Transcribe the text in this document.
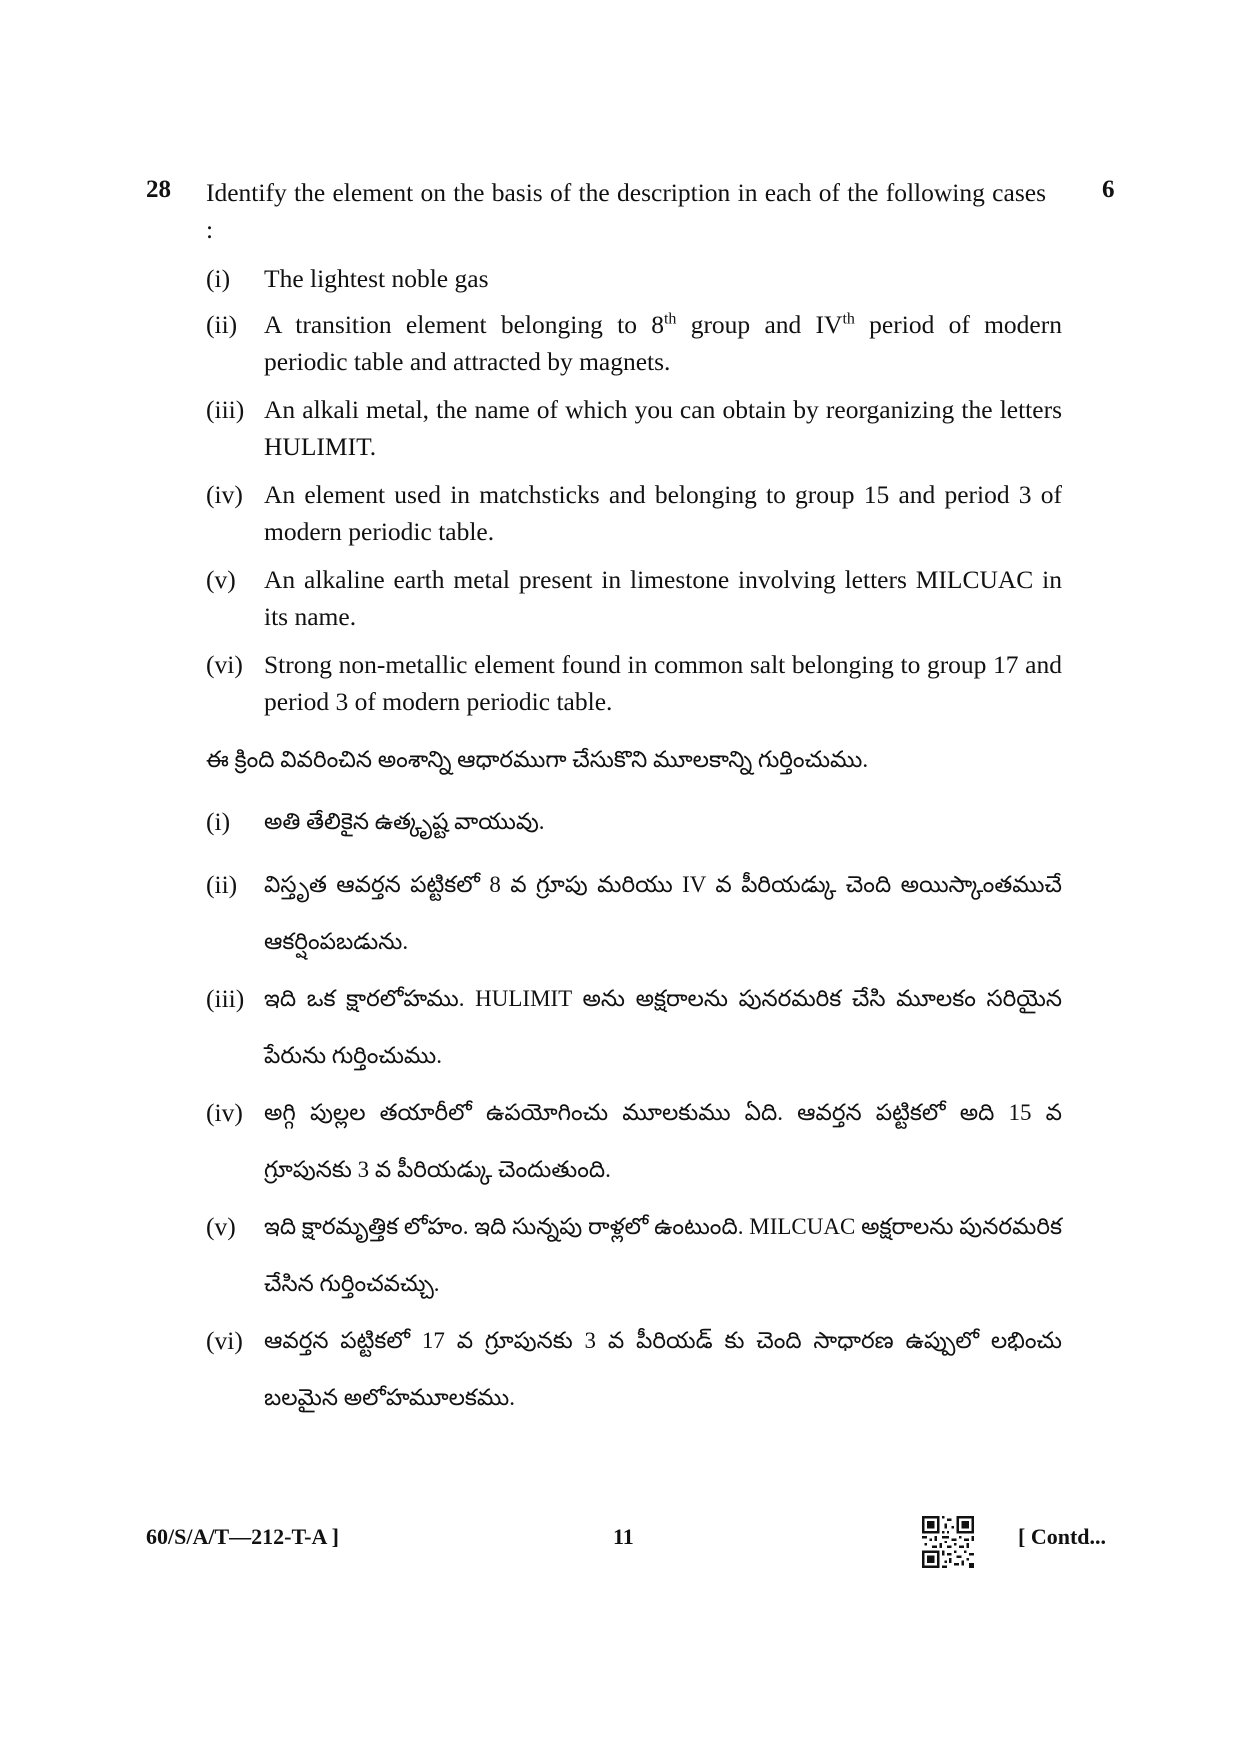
28	6
Identify the element on the basis of the description in each of the following cases :
(i) The lightest noble gas
(ii) A transition element belonging to 8th group and IVth period of modern periodic table and attracted by magnets.
(iii) An alkali metal, the name of which you can obtain by reorganizing the letters HULIMIT.
(iv) An element used in matchsticks and belonging to group 15 and period 3 of modern periodic table.
(v) An alkaline earth metal present in limestone involving letters MILCUAC in its name.
(vi) Strong non-metallic element found in common salt belonging to group 17 and period 3 of modern periodic table.
ఈ క్రింది వివరించిన అంశాన్ని ఆధారముగా చేసుకొని మూలకాన్ని గుర్తించుము.
(i) అతి తేలికైన ఉత్కృష్ట వాయువు.
(ii) విస్తృత ఆవర్తన పట్టికలో 8 వ గ్రూపు మరియు IV వ పీరియడ్కు చెంది అయిస్కాంతముచే ఆకర్షింపబడును.
(iii) ఇది ఒక క్షారలోహము. HULIMIT అను అక్షరాలను పునరమరిక చేసి మూలకం సరియైన పేరును గుర్తించుము.
(iv) అగ్గి పుల్లల తయారీలో ఉపయోగించు మూలకుము ఏది. ఆవర్తన పట్టికలో అది 15 వ గ్రూపునకు 3 వ పీరియడ్కు చెందుతుంది.
(v) ఇది క్షారమృత్తిక లోహం. ఇది సున్నపు రాళ్లలో ఉంటుంది. MILCUAC అక్షరాలను పునరమరిక చేసిన గుర్తించవచ్చు.
(vi) ఆవర్తన పట్టికలో 17 వ గ్రూపునకు 3 వ పీరియడ్ కు చెంది సాధారణ ఉప్పులో లభించు బలమైన అలోహమూలకము.
60/S/A/T—212-T-A ]	11	[ Contd...
